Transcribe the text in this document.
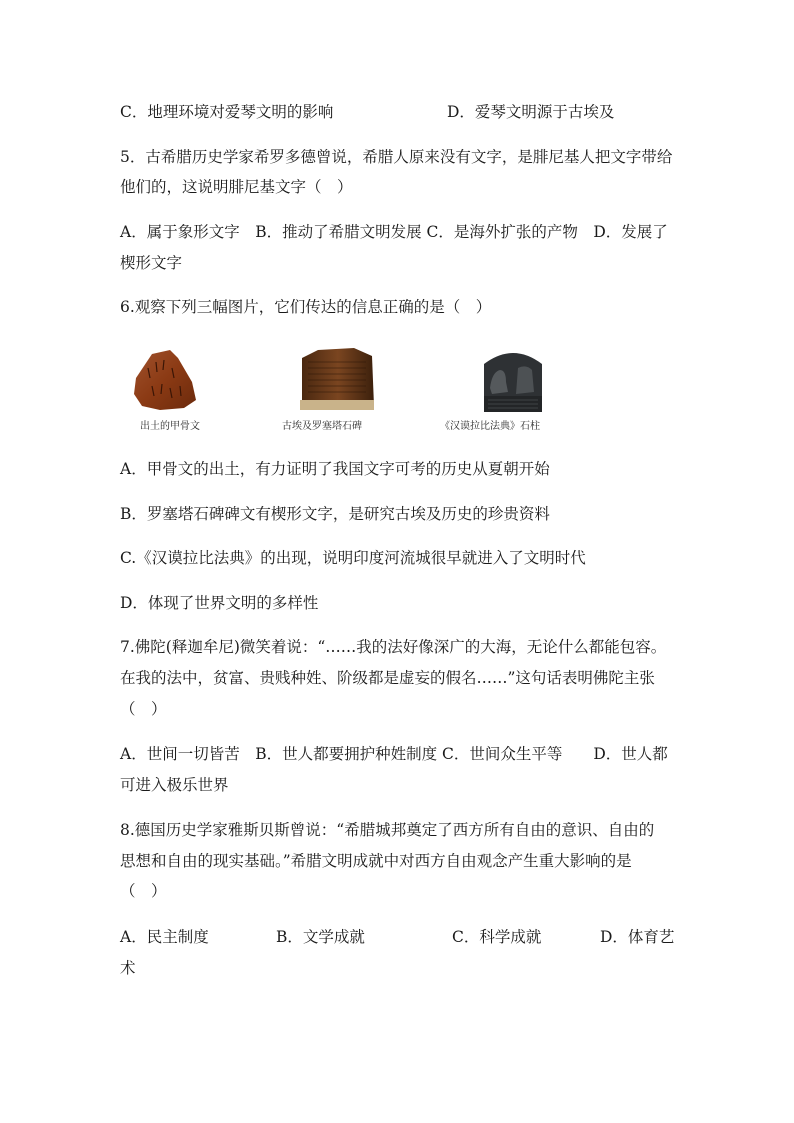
C．地理环境对爱琴文明的影响	D．爱琴文明源于古埃及
5．古希腊历史学家希罗多德曾说，希腊人原来没有文字，是腓尼基人把文字带给
他们的，这说明腓尼基文字（　）
A．属于象形文字　B．推动了希腊文明发展 C．是海外扩张的产物　D．发展了
楔形文字
6.观察下列三幅图片，它们传达的信息正确的是（　）
出土的甲骨文	古埃及罗塞塔石碑	《汉谟拉比法典》石柱
A．甲骨文的出土，有力证明了我国文字可考的历史从夏朝开始
B．罗塞塔石碑碑文有楔形文字，是研究古埃及历史的珍贵资料
C.《汉谟拉比法典》的出现，说明印度河流城很早就进入了文明时代
D．体现了世界文明的多样性
7.佛陀(释迦牟尼)微笑着说：“……我的法好像深广的大海，无论什么都能包容。
在我的法中，贫富、贵贱种姓、阶级都是虚妄的假名……”这句话表明佛陀主张
（　）
A．世间一切皆苦　B．世人都要拥护种姓制度 C．世间众生平等　　D．世人都
可进入极乐世界
8.德国历史学家雅斯贝斯曾说：“希腊城邦奠定了西方所有自由的意识、自由的
思想和自由的现实基础。”希腊文明成就中对西方自由观念产生重大影响的是
（　）
A．民主制度	B．文学成就	C．科学成就	D．体育艺
术
